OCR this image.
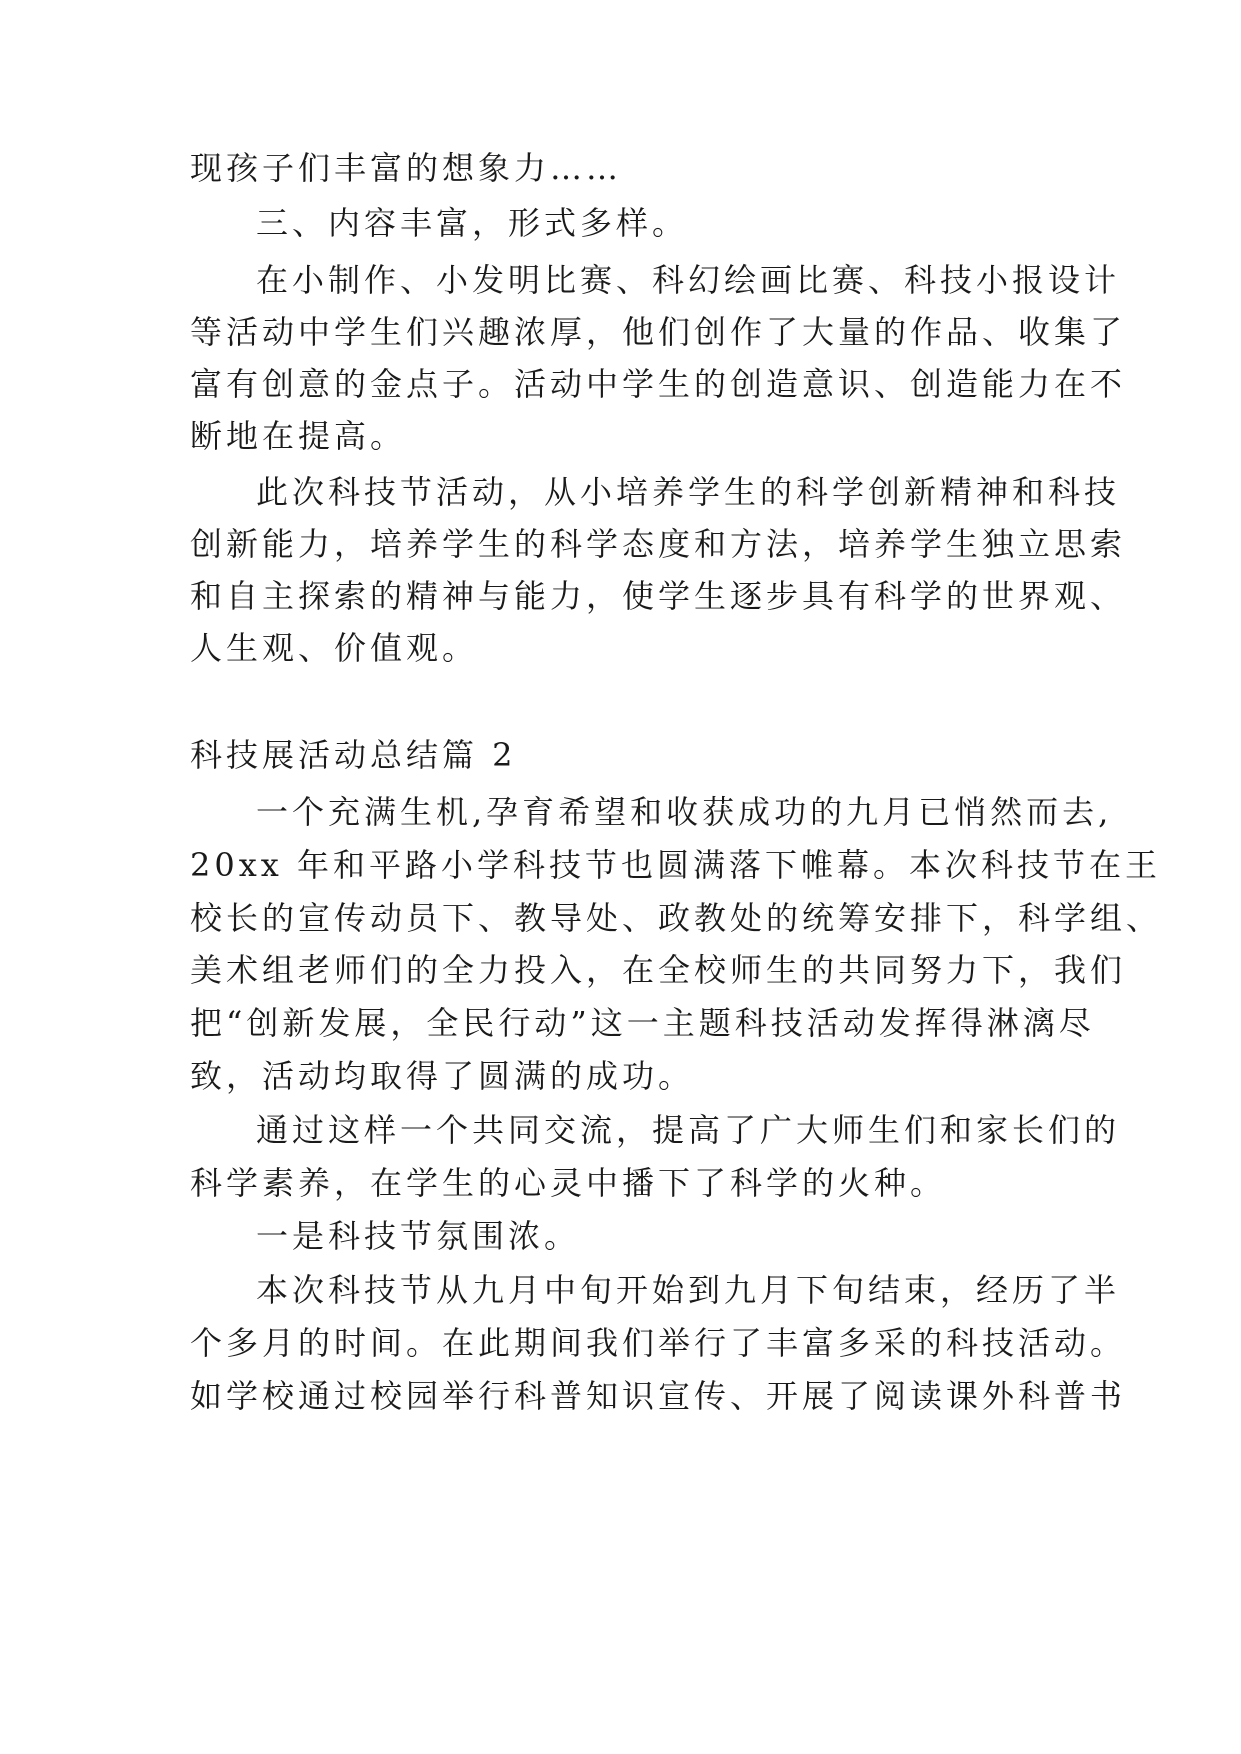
现孩子们丰富的想象力……
三、内容丰富，形式多样。
在小制作、小发明比赛、科幻绘画比赛、科技小报设计
等活动中学生们兴趣浓厚，他们创作了大量的作品、收集了
富有创意的金点子。活动中学生的创造意识、创造能力在不
断地在提高。
此次科技节活动，从小培养学生的科学创新精神和科技
创新能力，培养学生的科学态度和方法，培养学生独立思索
和自主探索的精神与能力，使学生逐步具有科学的世界观、
人生观、价值观。
科技展活动总结篇 2
一个充满生机,孕育希望和收获成功的九月已悄然而去,
20xx 年和平路小学科技节也圆满落下帷幕。本次科技节在王
校长的宣传动员下、教导处、政教处的统筹安排下，科学组、
美术组老师们的全力投入，在全校师生的共同努力下，我们
把“创新发展，全民行动”这一主题科技活动发挥得淋漓尽
致，活动均取得了圆满的成功。
通过这样一个共同交流，提高了广大师生们和家长们的
科学素养，在学生的心灵中播下了科学的火种。
一是科技节氛围浓。
本次科技节从九月中旬开始到九月下旬结束，经历了半
个多月的时间。在此期间我们举行了丰富多采的科技活动。
如学校通过校园举行科普知识宣传、开展了阅读课外科普书
